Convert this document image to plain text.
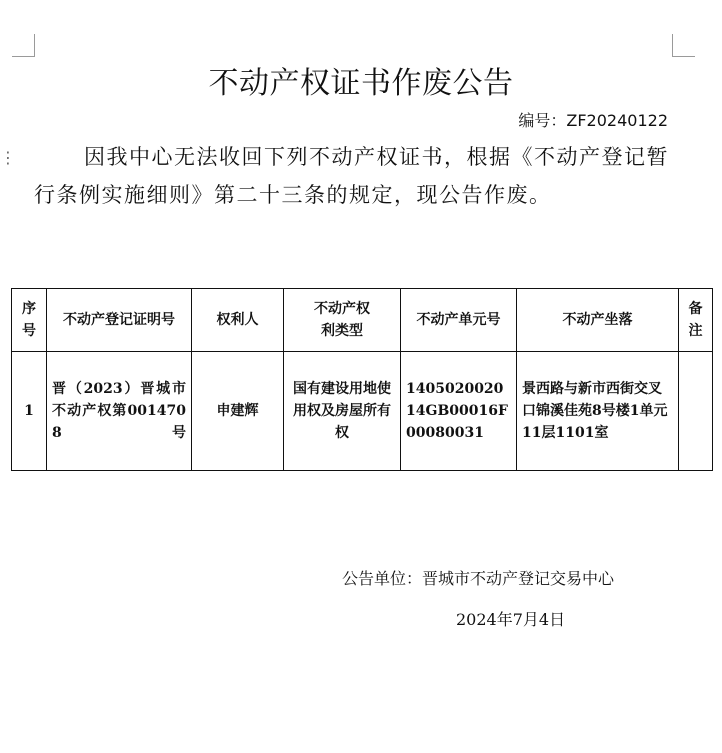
不动产权证书作废公告
编号：ZF20240122
⋮	因我中心无法收回下列不动产权证书，根据《不动产登记暂行条例实施细则》第二十三条的规定，现公告作废。
序号	不动产登记证明号	权利人	不动产权利类型	不动产单元号	不动产坐落	备注
1	晋（2023）晋城市不动产权第0014708号	申建辉	国有建设用地使用权及房屋所有权	140502002014GB00016F00080031	景西路与新市西街交叉口锦溪佳苑8号楼1单元11层1101室	
公告单位：晋城市不动产登记交易中心
2024年7月4日
